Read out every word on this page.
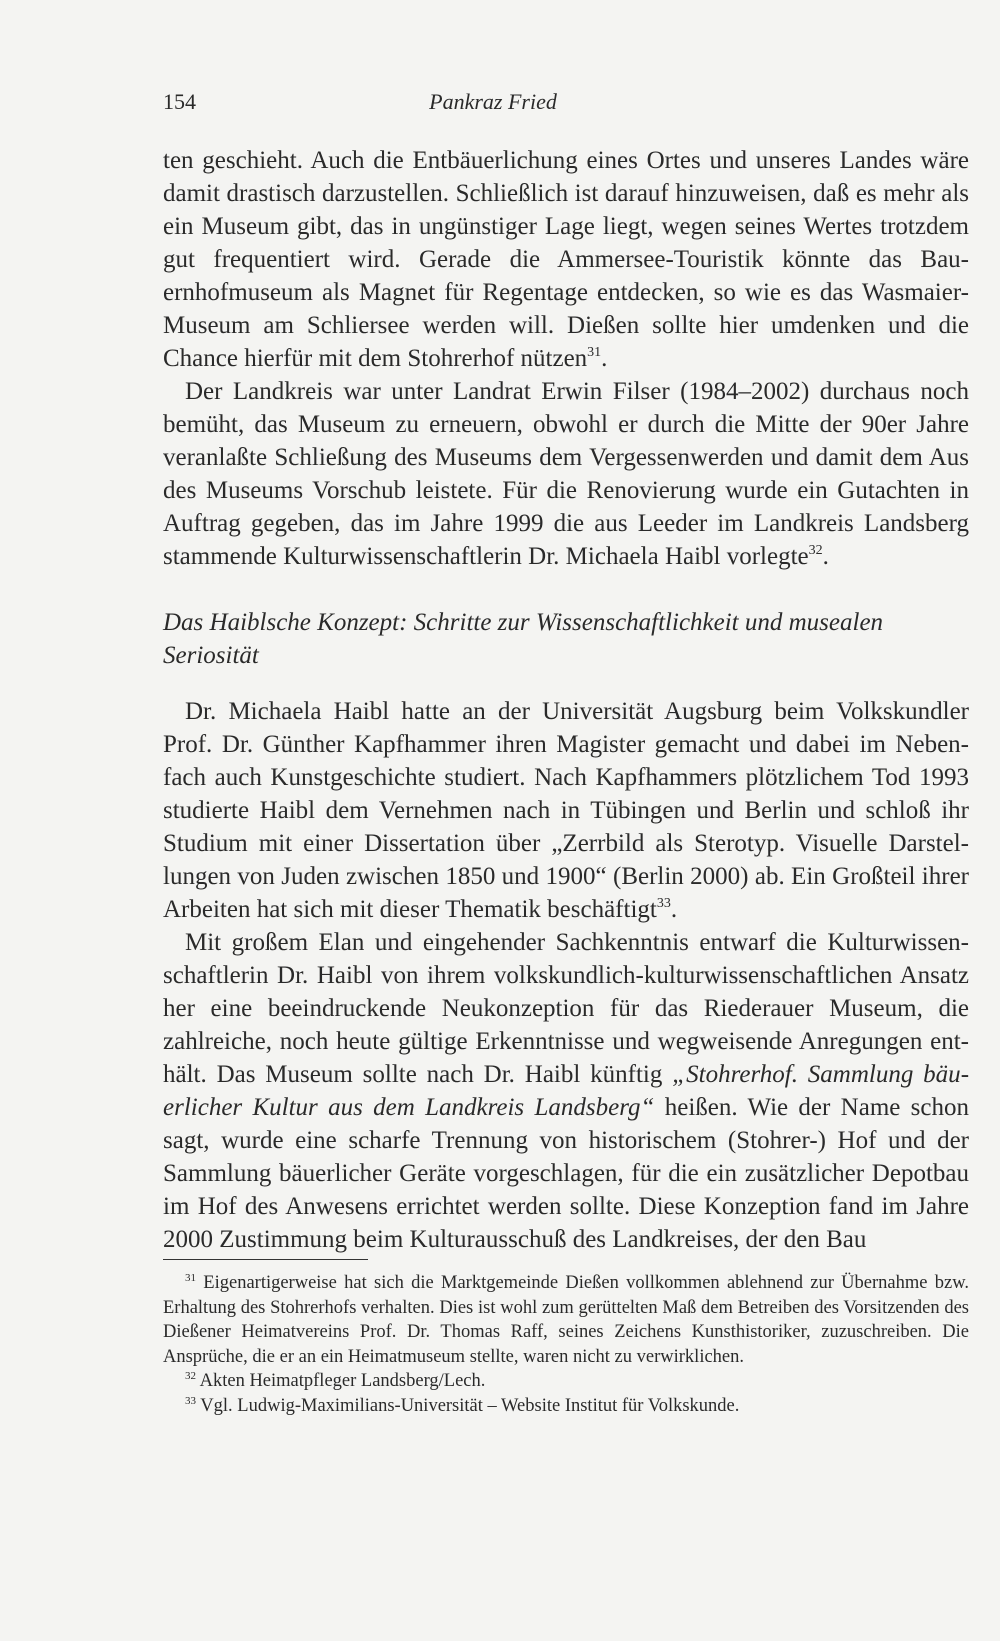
154	Pankraz Fried

ten geschieht. Auch die Entbäuerlichung eines Ortes und unseres Landes wäre damit drastisch darzustellen. Schließlich ist darauf hinzuweisen, daß es mehr als ein Museum gibt, das in ungünstiger Lage liegt, wegen seines Wertes trotzdem gut frequentiert wird. Gerade die Ammersee-Touristik könnte das Bauernhofmuseum als Magnet für Regentage entdecken, so wie es das Wasmaier-Museum am Schliersee werden will. Dießen sollte hier umdenken und die Chance hierfür mit dem Stohrerhof nützen$^{31}$.

Der Landkreis war unter Landrat Erwin Filser (1984–2002) durchaus noch bemüht, das Museum zu erneuern, obwohl er durch die Mitte der 90er Jahre veranlaßte Schließung des Museums dem Vergessenwerden und damit dem Aus des Museums Vorschub leistete. Für die Renovierung wurde ein Gutachten in Auftrag gegeben, das im Jahre 1999 die aus Leeder im Landkreis Landsberg stammende Kulturwissenschaftlerin Dr. Michaela Haibl vorlegte$^{32}$.

Das Haiblsche Konzept: Schritte zur Wissenschaftlichkeit und musealen Seriosität

Dr. Michaela Haibl hatte an der Universität Augsburg beim Volkskundler Prof. Dr. Günther Kapfhammer ihren Magister gemacht und dabei im Nebenfach auch Kunstgeschichte studiert. Nach Kapfhammers plötzlichem Tod 1993 studierte Haibl dem Vernehmen nach in Tübingen und Berlin und schloß ihr Studium mit einer Dissertation über „Zerrbild als Sterotyp. Visuelle Darstellungen von Juden zwischen 1850 und 1900“ (Berlin 2000) ab. Ein Großteil ihrer Arbeiten hat sich mit dieser Thematik beschäftigt$^{33}$.

Mit großem Elan und eingehender Sachkenntnis entwarf die Kulturwissenschaftlerin Dr. Haibl von ihrem volkskundlich-kulturwissenschaftlichen Ansatz her eine beeindruckende Neukonzeption für das Riederauer Museum, die zahlreiche, noch heute gültige Erkenntnisse und wegweisende Anregungen enthält. Das Museum sollte nach Dr. Haibl künftig „Stohrerhof. Sammlung bäuerlicher Kultur aus dem Landkreis Landsberg“ heißen. Wie der Name schon sagt, wurde eine scharfe Trennung von historischem (Stohrer-) Hof und der Sammlung bäuerlicher Geräte vorgeschlagen, für die ein zusätzlicher Depotbau im Hof des Anwesens errichtet werden sollte. Diese Konzeption fand im Jahre 2000 Zustimmung beim Kulturausschuß des Landkreises, der den Bau

$^{31}$ Eigenartigerweise hat sich die Marktgemeinde Dießen vollkommen ablehnend zur Übernahme bzw. Erhaltung des Stohrerhofs verhalten. Dies ist wohl zum gerüttelten Maß dem Betreiben des Vorsitzenden des Dießener Heimatvereins Prof. Dr. Thomas Raff, seines Zeichens Kunsthistoriker, zuzuschreiben. Die Ansprüche, die er an ein Heimatmuseum stellte, waren nicht zu verwirklichen.

$^{32}$ Akten Heimatpfleger Landsberg/Lech.

$^{33}$ Vgl. Ludwig-Maximilians-Universität – Website Institut für Volkskunde.
